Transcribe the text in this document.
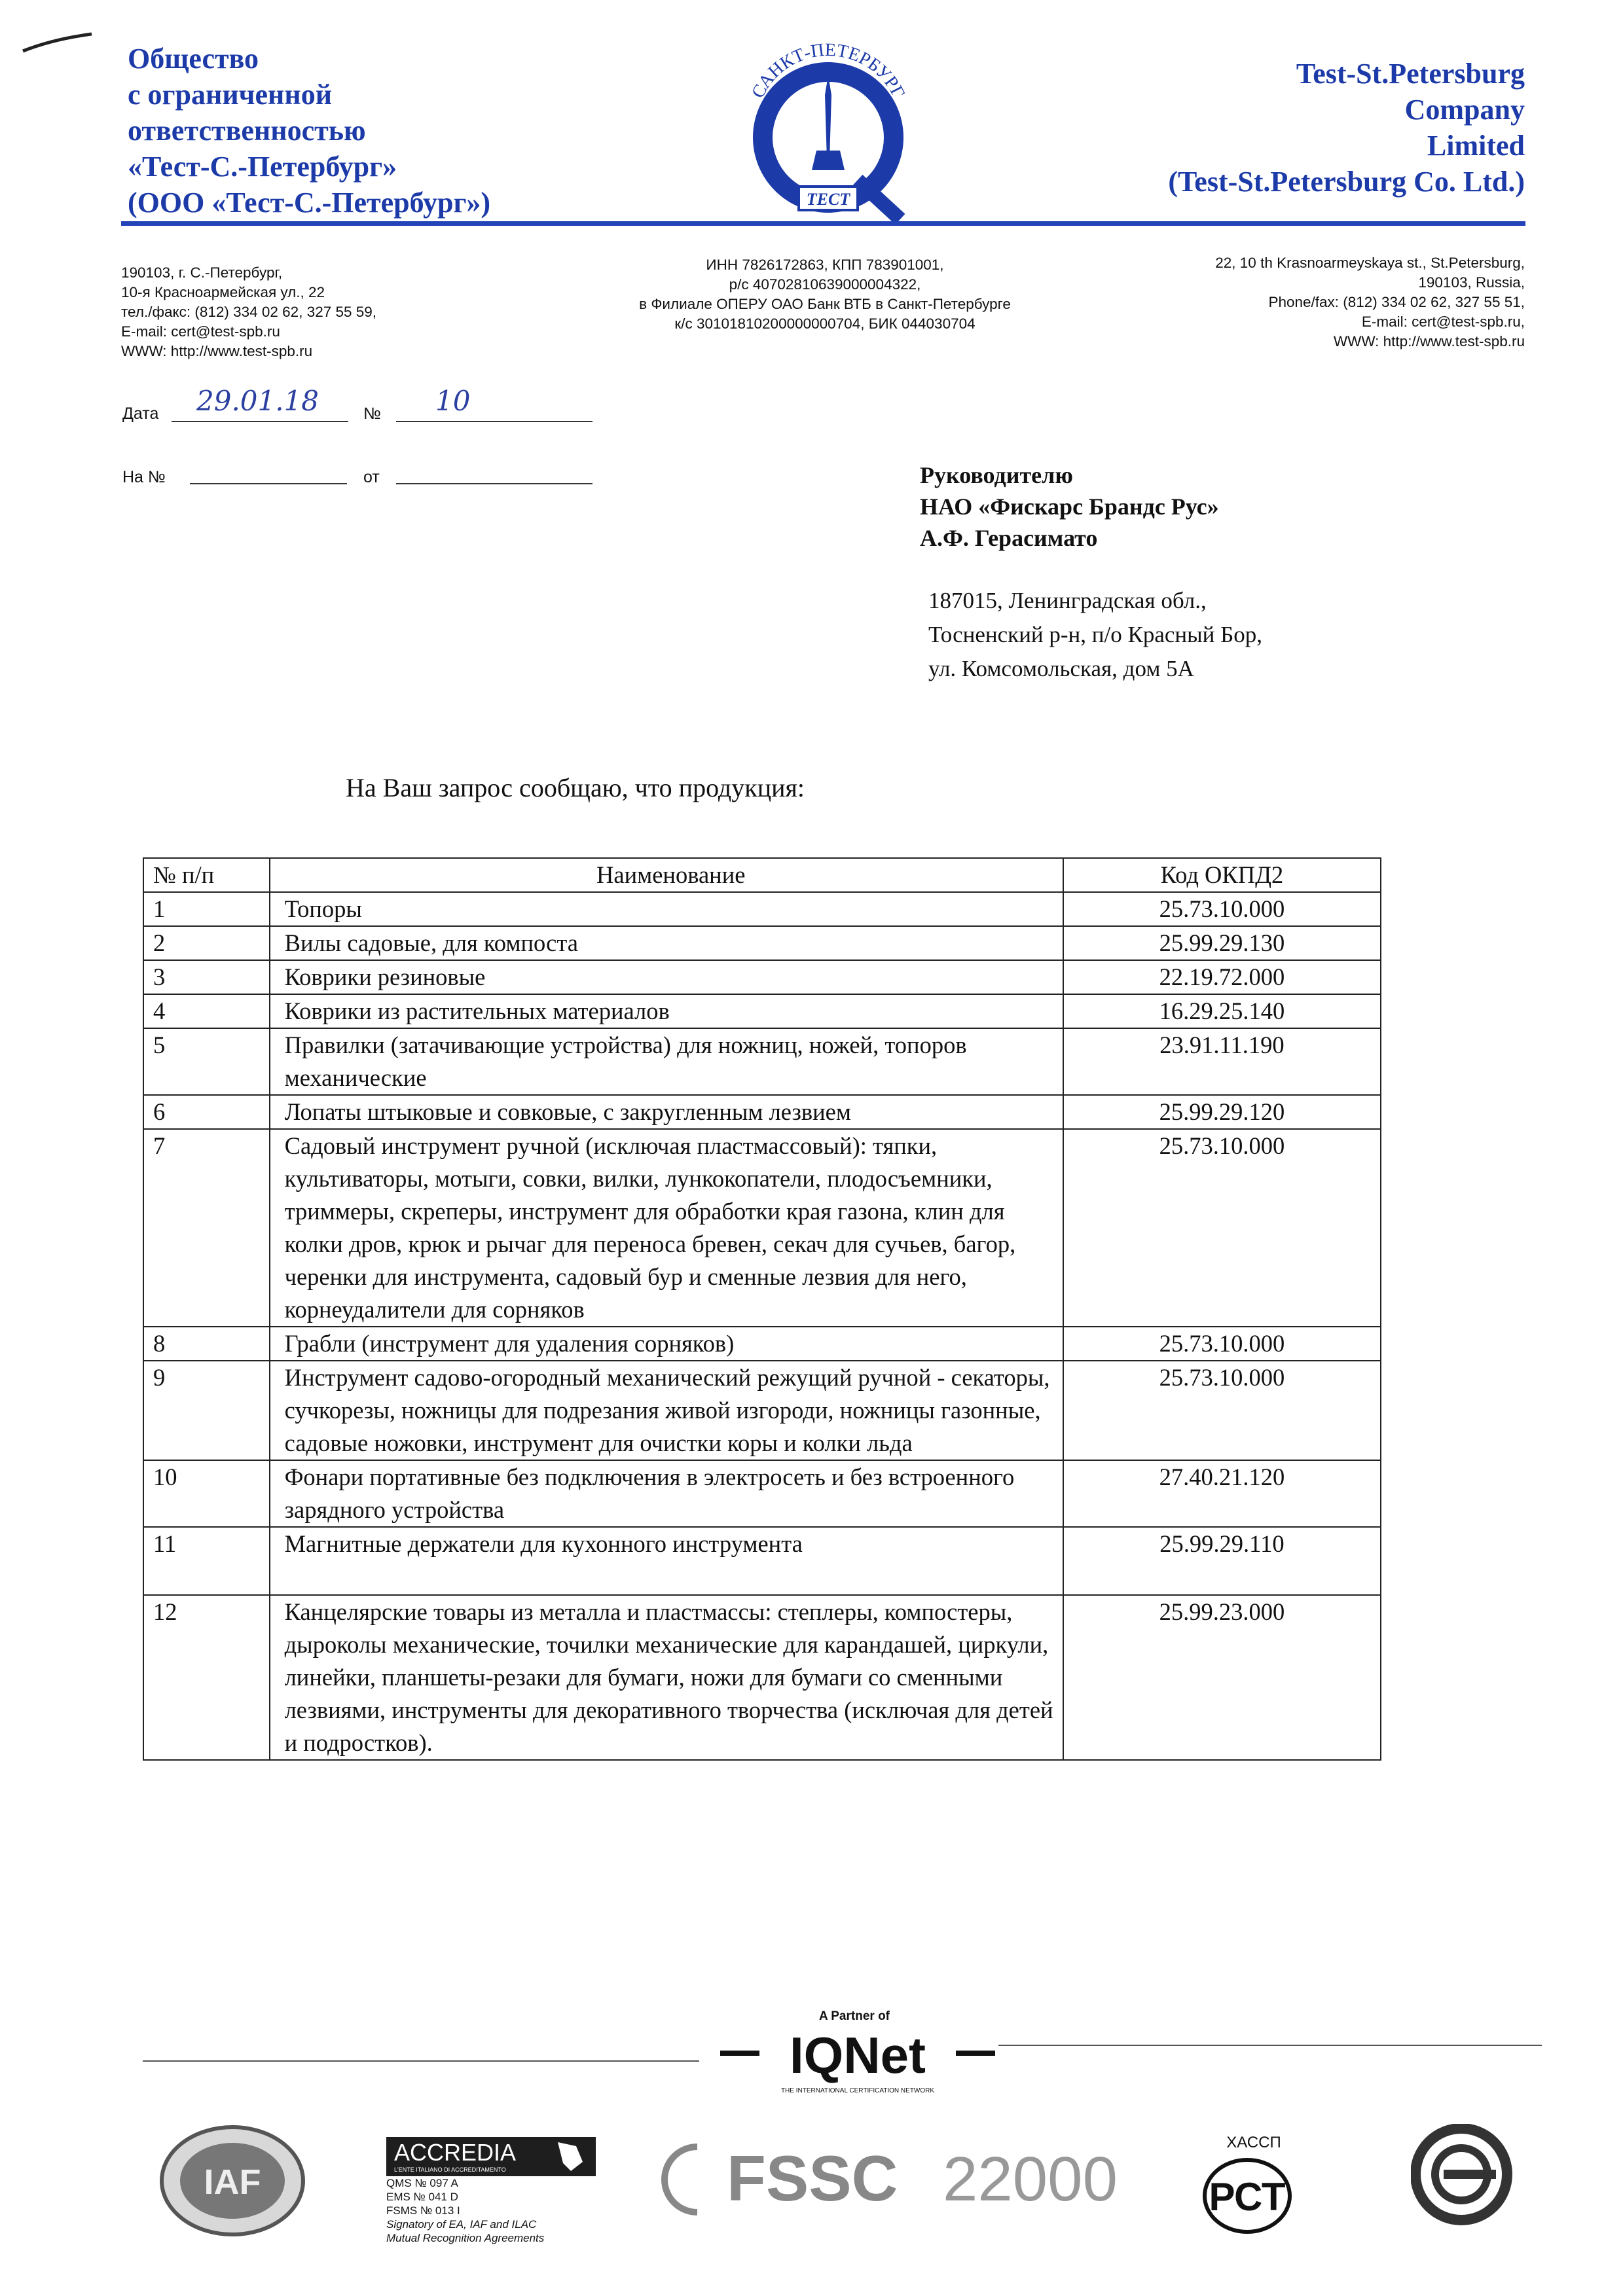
Общество
с ограниченной
ответственностью
«Тест-С.-Петербург»
(ООО «Тест-С.-Петербург»)
САНКТ-ПЕТЕРБУРГ
ТЕСТ
Test-St.Petersburg
Company
Limited
(Test-St.Petersburg Co. Ltd.)
190103, г. С.-Петербург,
10-я Красноармейская ул., 22
тел./факс: (812) 334 02 62, 327 55 59,
E-mail: cert@test-spb.ru
WWW: http://www.test-spb.ru
ИНН 7826172863, КПП 783901001,
р/с 40702810639000004322,
в Филиале ОПЕРУ ОАО Банк ВТБ в Санкт-Петербурге
к/с 30101810200000000704, БИК 044030704
22, 10 th Krasnoarmeyskaya st., St.Petersburg,
190103, Russia,
Phone/fax: (812) 334 02 62, 327 55 51,
E-mail: cert@test-spb.ru,
WWW: http://www.test-spb.ru
Дата 29.01.18	№ 10
На №	от	Руководителю
НАО «Фискарс Брандс Рус»
А.Ф. Герасимато
187015, Ленинградская обл.,
Тосненский р-н, п/о Красный Бор,
ул. Комсомольская, дом 5А
На Ваш запрос сообщаю, что продукция:
№ п/п	Наименование	Код ОКПД2
1	Топоры	25.73.10.000
2	Вилы садовые, для компоста	25.99.29.130
3	Коврики резиновые	22.19.72.000
4	Коврики из растительных материалов	16.29.25.140
5	Правилки (затачивающие устройства) для ножниц, ножей, топоров механические	23.91.11.190
6	Лопаты штыковые и совковые, с закругленным лезвием	25.99.29.120
7	Садовый инструмент ручной (исключая пластмассовый): тяпки, культиваторы, мотыги, совки, вилки, лункокопатели, плодосъемники, триммеры, скреперы, инструмент для обработки края газона, клин для колки дров, крюк и рычаг для переноса бревен, секач для сучьев, багор, черенки для инструмента, садовый бур и сменные лезвия для него, корнеудалители для сорняков	25.73.10.000
8	Грабли (инструмент для удаления сорняков)	25.73.10.000
9	Инструмент садово-огородный механический режущий ручной - секаторы, сучкорезы, ножницы для подрезания живой изгороди, ножницы газонные, садовые ножовки, инструмент для очистки коры и колки льда	25.73.10.000
10	Фонари портативные без подключения в электросеть и без встроенного зарядного устройства	27.40.21.120
11	Магнитные держатели для кухонного инструмента	25.99.29.110
12	Канцелярские товары из металла и пластмассы: степлеры, компостеры, дыроколы механические, точилки механические для карандашей, циркули, линейки, планшеты-резаки для бумаги, ножи для бумаги со сменными лезвиями, инструменты для декоративного творчества (исключая для детей и подростков).	25.99.23.000
A Partner of
IQNet
THE INTERNATIONAL CERTIFICATION NETWORK
IAF
ACCREDIA
L'ENTE ITALIANO DI ACCREDITAMENTO
QMS № 097 A
EMS № 041 D
FSMS № 013 I
Signatory of EA, IAF and ILAC
Mutual Recognition Agreements
FSSC 22000
ХАССП
РСТ
